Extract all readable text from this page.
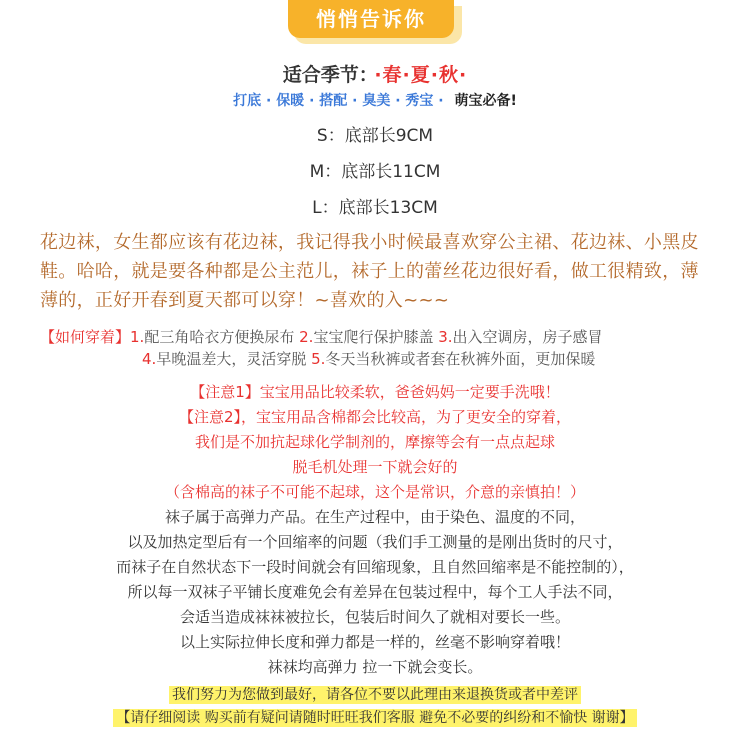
悄悄告诉你
适合季节： ·春·夏·秋·
打底 · 保暖 · 搭配 · 臭美 · 秀宝 · 萌宝必备!
S：底部长9CM
M：底部长11CM
L：底部长13CM
花边袜，女生都应该有花边袜，我记得我小时候最喜欢穿公主裙、花边袜、小黑皮鞋。哈哈，就是要各种都是公主范儿，袜子上的蕾丝花边很好看，做工很精致，薄薄的，正好开春到夏天都可以穿！~喜欢的入~~~
【如何穿着】1.配三角哈衣方便换尿布 2.宝宝爬行保护膝盖 3.出入空调房，房子感冒
4.早晚温差大，灵活穿脱 5.冬天当秋裤或者套在秋裤外面，更加保暖
【注意1】宝宝用品比较柔软，爸爸妈妈一定要手洗哦！
【注意2】，宝宝用品含棉都会比较高，为了更安全的穿着，
我们是不加抗起球化学制剂的，摩擦等会有一点点起球
脱毛机处理一下就会好的
（含棉高的袜子不可能不起球，这个是常识，介意的亲慎拍！）
袜子属于高弹力产品。在生产过程中，由于染色、温度的不同，
以及加热定型后有一个回缩率的问题（我们手工测量的是刚出货时的尺寸，
而袜子在自然状态下一段时间就会有回缩现象，且自然回缩率是不能控制的），
所以每一双袜子平铺长度难免会有差异在包装过程中，每个工人手法不同，
会适当造成袜袜被拉长，包装后时间久了就相对要长一些。
以上实际拉伸长度和弹力都是一样的，丝毫不影响穿着哦！
袜袜均高弹力 拉一下就会变长。
我们努力为您做到最好，请各位不要以此理由来退换货或者中差评
【请仔细阅读 购买前有疑问请随时旺旺我们客服 避免不必要的纠纷和不愉快 谢谢】
